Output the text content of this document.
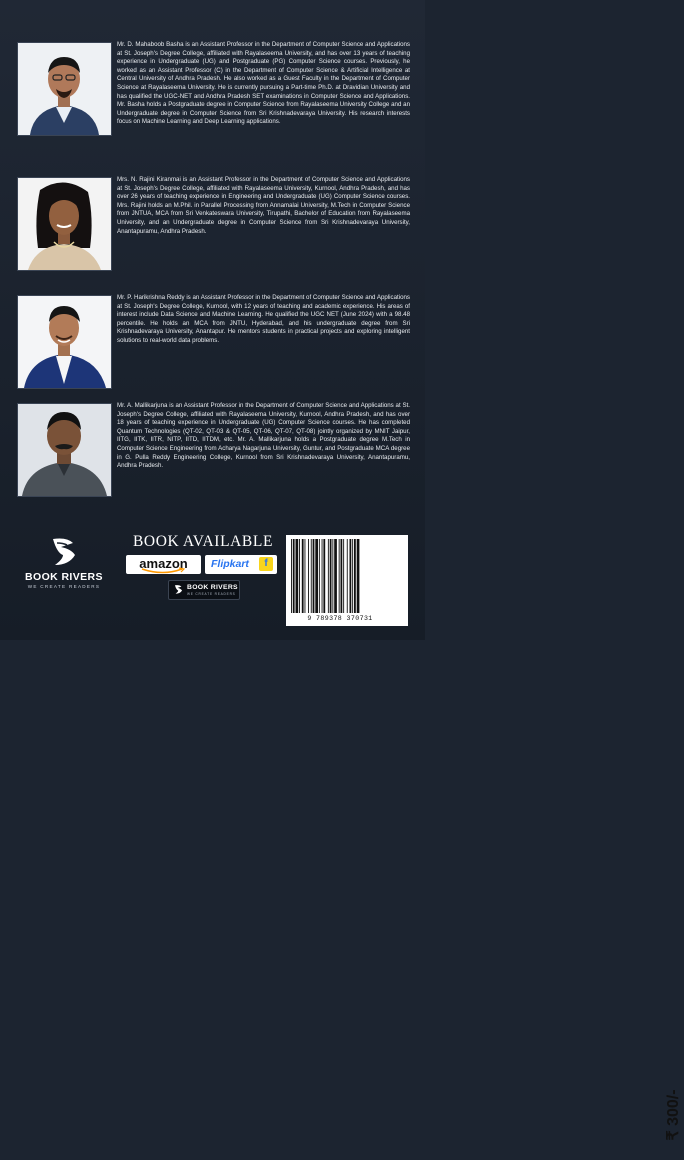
Mr. D. Mahaboob Basha is an Assistant Professor in the Department of Computer Science and Applications at St. Joseph's Degree College, affiliated with Rayalaseema University, and has over 13 years of teaching experience in Undergraduate (UG) and Postgraduate (PG) Computer Science courses. Previously, he worked as an Assistant Professor (C) in the Department of Computer Science & Artificial Intelligence at Central University of Andhra Pradesh. He also worked as a Guest Faculty in the Department of Computer Science at Rayalaseema University. He is currently pursuing a Part-time Ph.D. at Dravidian University and has qualified the UGC-NET and Andhra Pradesh SET examinations in Computer Science and Applications. Mr. Basha holds a Postgraduate degree in Computer Science from Rayalaseema University College and an Undergraduate degree in Computer Science from Sri Krishnadevaraya University. His research interests focus on Machine Learning and Deep Learning applications.
Mrs. N. Rajini Kiranmai is an Assistant Professor in the Department of Computer Science and Applications at St. Joseph's Degree College, affiliated with Rayalaseema University, Kurnool, Andhra Pradesh, and has over 26 years of teaching experience in Engineering and Undergraduate (UG) Computer Science courses. Mrs. Rajini holds an M.Phil. in Parallel Processing from Annamalai University, M.Tech in Computer Science from JNTUA, MCA from Sri Venkateswara University, Tirupathi, Bachelor of Education from Rayalaseema University, and an Undergraduate degree in Computer Science from Sri Krishnadevaraya University, Anantapuramu, Andhra Pradesh.
Mr. P. Harikrishna Reddy is an Assistant Professor in the Department of Computer Science and Applications at St. Joseph's Degree College, Kurnool, with 12 years of teaching and academic experience. His areas of interest include Data Science and Machine Learning. He qualified the UGC NET (June 2024) with a 98.48 percentile. He holds an MCA from JNTU, Hyderabad, and his undergraduate degree from Sri Krishnadevaraya University, Anantapur. He mentors students in practical projects and exploring intelligent solutions to real-world data problems.
Mr. A. Mallikarjuna is an Assistant Professor in the Department of Computer Science and Applications at St. Joseph's Degree College, affiliated with Rayalaseema University, Kurnool, Andhra Pradesh, and has over 18 years of teaching experience in Undergraduate (UG) Computer Science courses. He has completed Quantum Technologies (QT-02, QT-03 & QT-05, QT-06, QT-07, QT-08) jointly organized by MNIT Jaipur, IITG, IITK, IITR, NITP, IITD, IITDM, etc. Mr. A. Mallikarjuna holds a Postgraduate degree M.Tech in Computer Science Engineering from Acharya Nagarjuna University, Guntur, and Postgraduate MCA degree in G. Pulla Reddy Engineering College, Kurnool from Sri Krishnadevaraya University, Anantapuramu, Andhra Pradesh.
BOOK RIVERS
WE CREATE READERS
BOOK AVAILABLE
amazon	Flipkart	f
BOOK RIVERS
WE CREATE READERS
9 789378 370731
₹ 300/-
